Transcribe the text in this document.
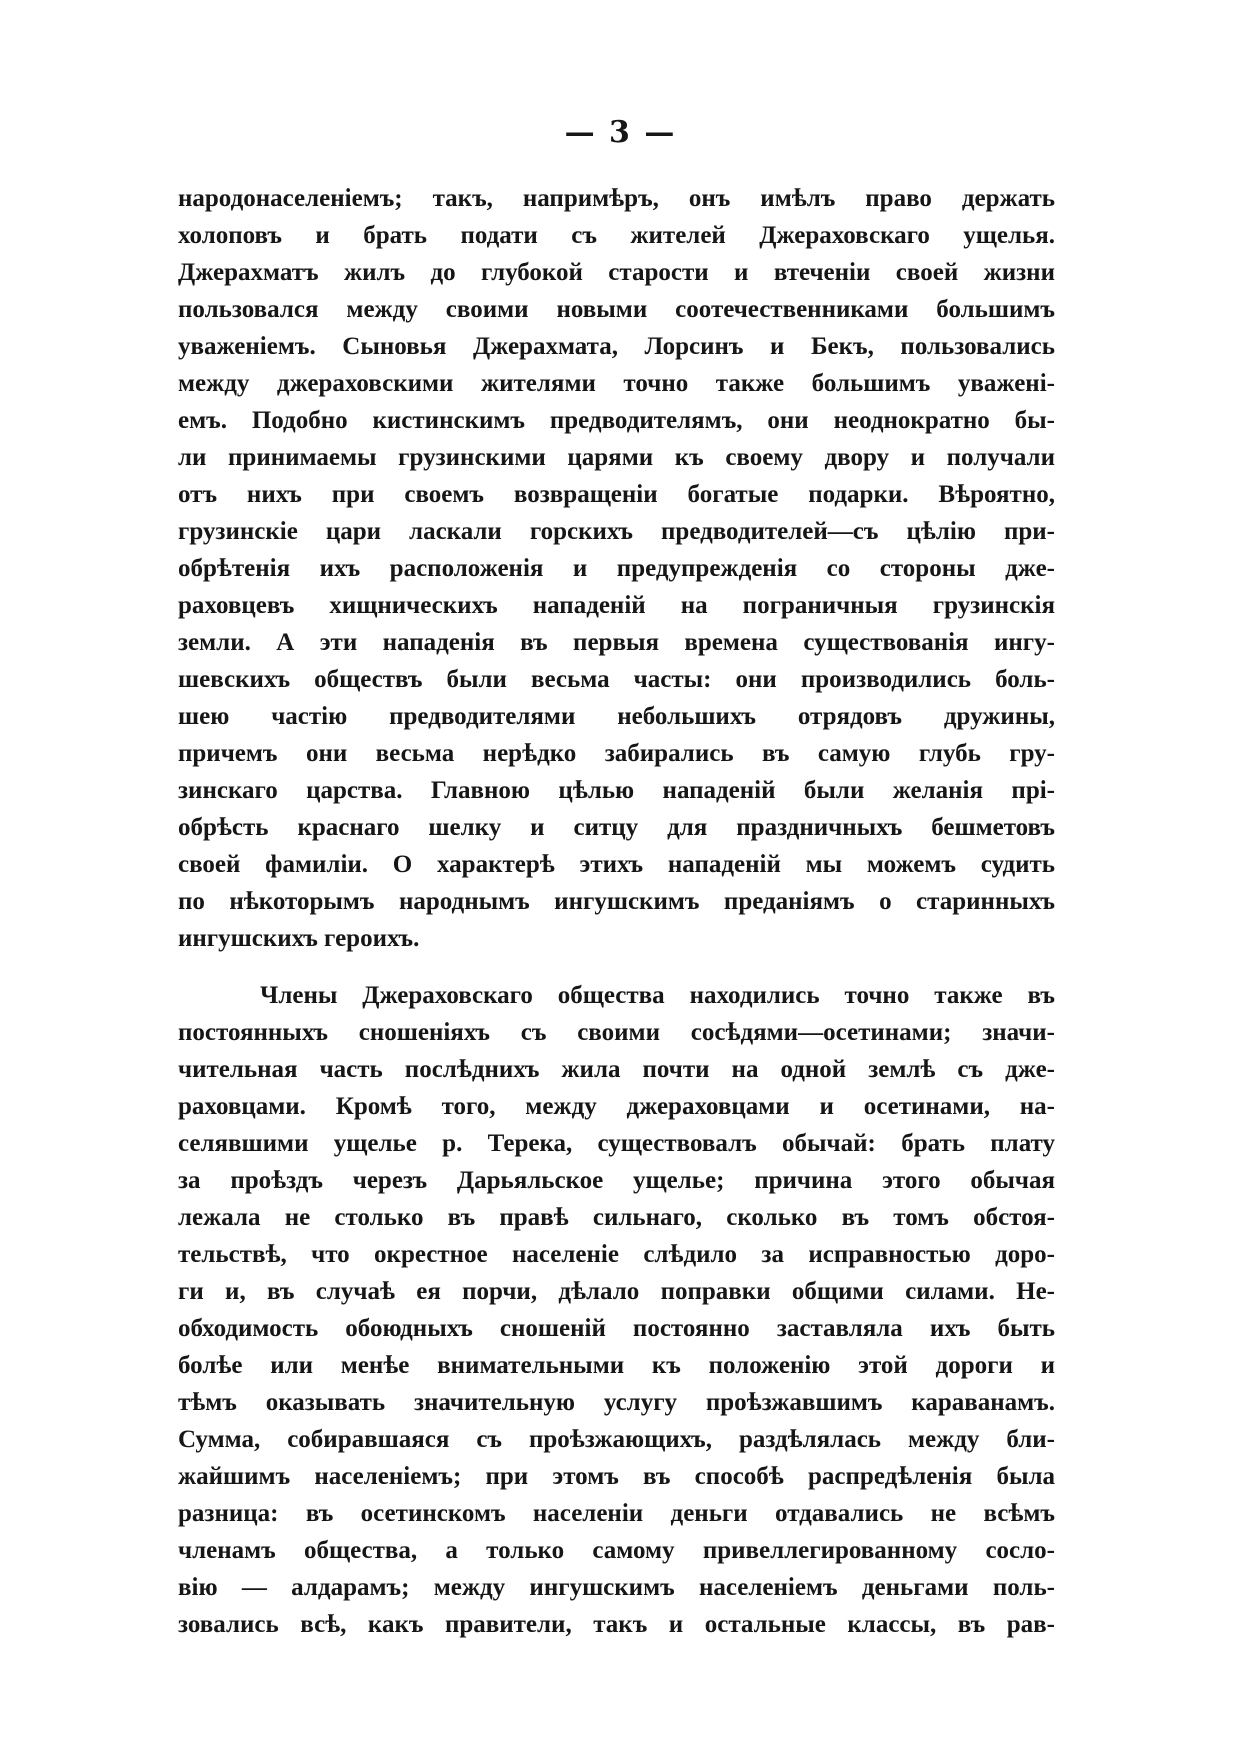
— 3 —
народонаселеніемъ; такъ, напримѣръ, онъ имѣлъ право держать
холоповъ и брать подати съ жителей Джераховскаго ущелья.
Джерахматъ жилъ до глубокой старости и втеченіи своей жизни
пользовался между своими новыми соотечественниками большимъ
уваженіемъ. Сыновья Джерахмата, Лорсинъ и Бекъ, пользовались
между джераховскими жителями точно также большимъ уважені-
емъ. Подобно кистинскимъ предводителямъ, они неоднократно бы-
ли принимаемы грузинскими царями къ своему двору и получали
отъ нихъ при своемъ возвращеніи богатые подарки. Вѣроятно,
грузинскіе цари ласкали горскихъ предводителей—съ цѣлію при-
обрѣтенія ихъ расположенія и предупрежденія со стороны дже-
раховцевъ хищническихъ нападеній на пограничныя грузинскія
земли. А эти нападенія въ первыя времена существованія ингу-
шевскихъ обществъ были весьма часты: они производились боль-
шею частію предводителями небольшихъ отрядовъ дружины,
причемъ они весьма нерѣдко забирались въ самую глубь гру-
зинскаго царства. Главною цѣлью нападеній были желанія прі-
обрѣсть краснаго шелку и ситцу для праздничныхъ бешметовъ
своей фамиліи. О характерѣ этихъ нападеній мы можемъ судить
по нѣкоторымъ народнымъ ингушскимъ преданіямъ о старинныхъ
ингушскихъ героихъ.
Члены Джераховскаго общества находились точно также въ
постоянныхъ сношеніяхъ съ своими сосѣдями—осетинами; значи-
чительная часть послѣднихъ жила почти на одной землѣ съ дже-
раховцами. Кромѣ того, между джераховцами и осетинами, на-
селявшими ущелье р. Терека, существовалъ обычай: брать плату
за проѣздъ черезъ Дарьяльское ущелье; причина этого обычая
лежала не столько въ правѣ сильнаго, сколько въ томъ обстоя-
тельствѣ, что окрестное населеніе слѣдило за исправностью доро-
ги и, въ случаѣ ея порчи, дѣлало поправки общими силами. Не-
обходимость обоюдныхъ сношеній постоянно заставляла ихъ быть
болѣе или менѣе внимательными къ положенію этой дороги и
тѣмъ оказывать значительную услугу проѣзжавшимъ караванамъ.
Сумма, собиравшаяся съ проѣзжающихъ, раздѣлялась между бли-
жайшимъ населеніемъ; при этомъ въ способѣ распредѣленія была
разница: въ осетинскомъ населеніи деньги отдавались не всѣмъ
членамъ общества, а только самому привеллегированному сосло-
вію — алдарамъ; между ингушскимъ населеніемъ деньгами поль-
зовались всѣ, какъ правители, такъ и остальные классы, въ рав-
